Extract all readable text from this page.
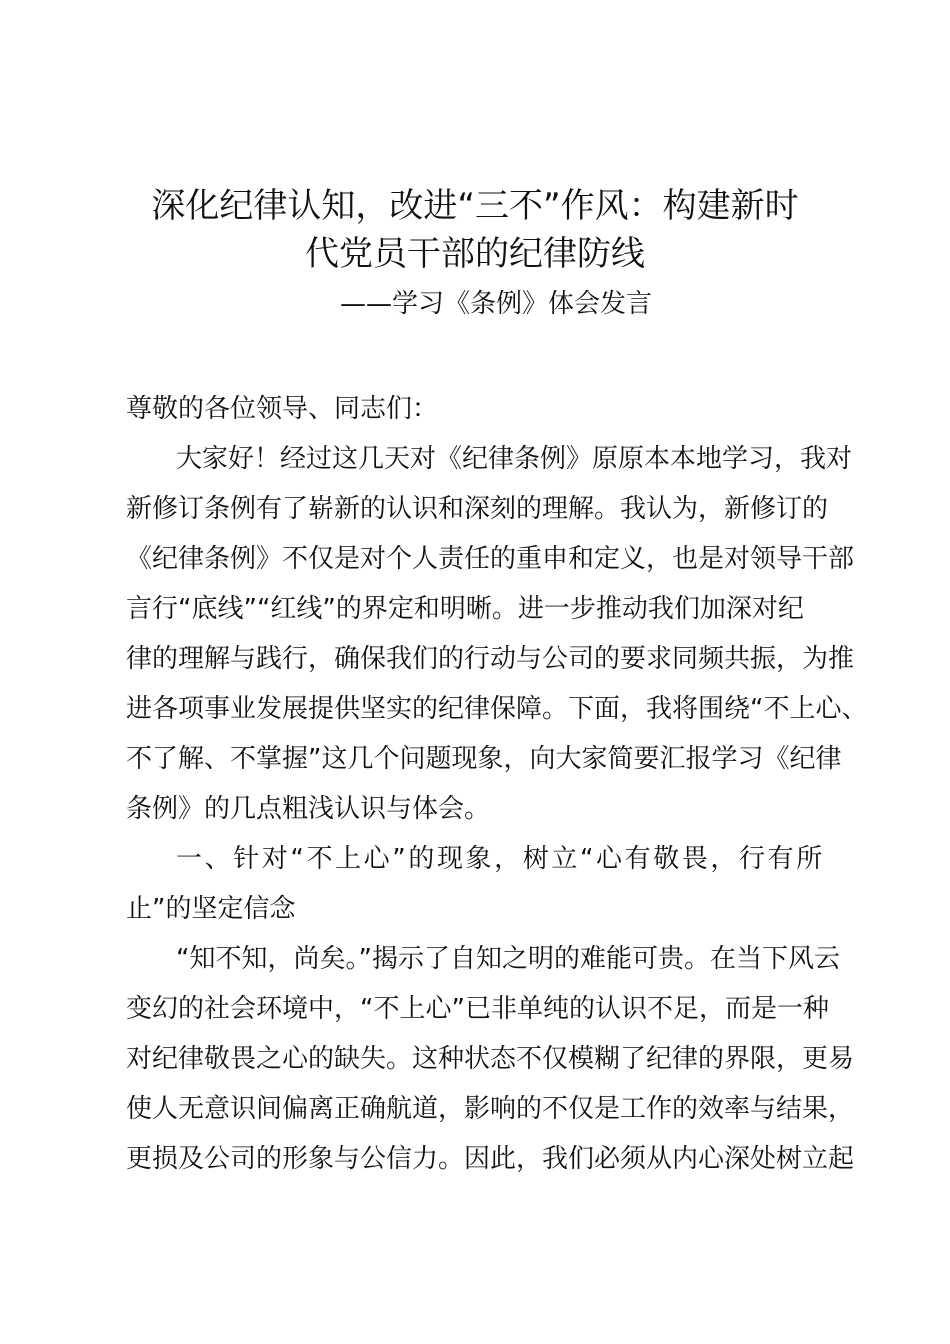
深化纪律认知，改进“三不”作风：构建新时
代党员干部的纪律防线
——学习《条例》体会发言
尊敬的各位领导、同志们：
大家好！经过这几天对《纪律条例》原原本本地学习，我对
新修订条例有了崭新的认识和深刻的理解。我认为，新修订的
《纪律条例》不仅是对个人责任的重申和定义，也是对领导干部
言行“底线”“红线”的界定和明晰。进一步推动我们加深对纪
律的理解与践行，确保我们的行动与公司的要求同频共振，为推
进各项事业发展提供坚实的纪律保障。下面，我将围绕“不上心、
不了解、不掌握”这几个问题现象，向大家简要汇报学习《纪律
条例》的几点粗浅认识与体会。
一、针对“不上心”的现象，树立“心有敬畏，行有所
止”的坚定信念
“知不知，尚矣。”揭示了自知之明的难能可贵。在当下风云
变幻的社会环境中，“不上心”已非单纯的认识不足，而是一种
对纪律敬畏之心的缺失。这种状态不仅模糊了纪律的界限，更易
使人无意识间偏离正确航道，影响的不仅是工作的效率与结果，
更损及公司的形象与公信力。因此，我们必须从内心深处树立起
